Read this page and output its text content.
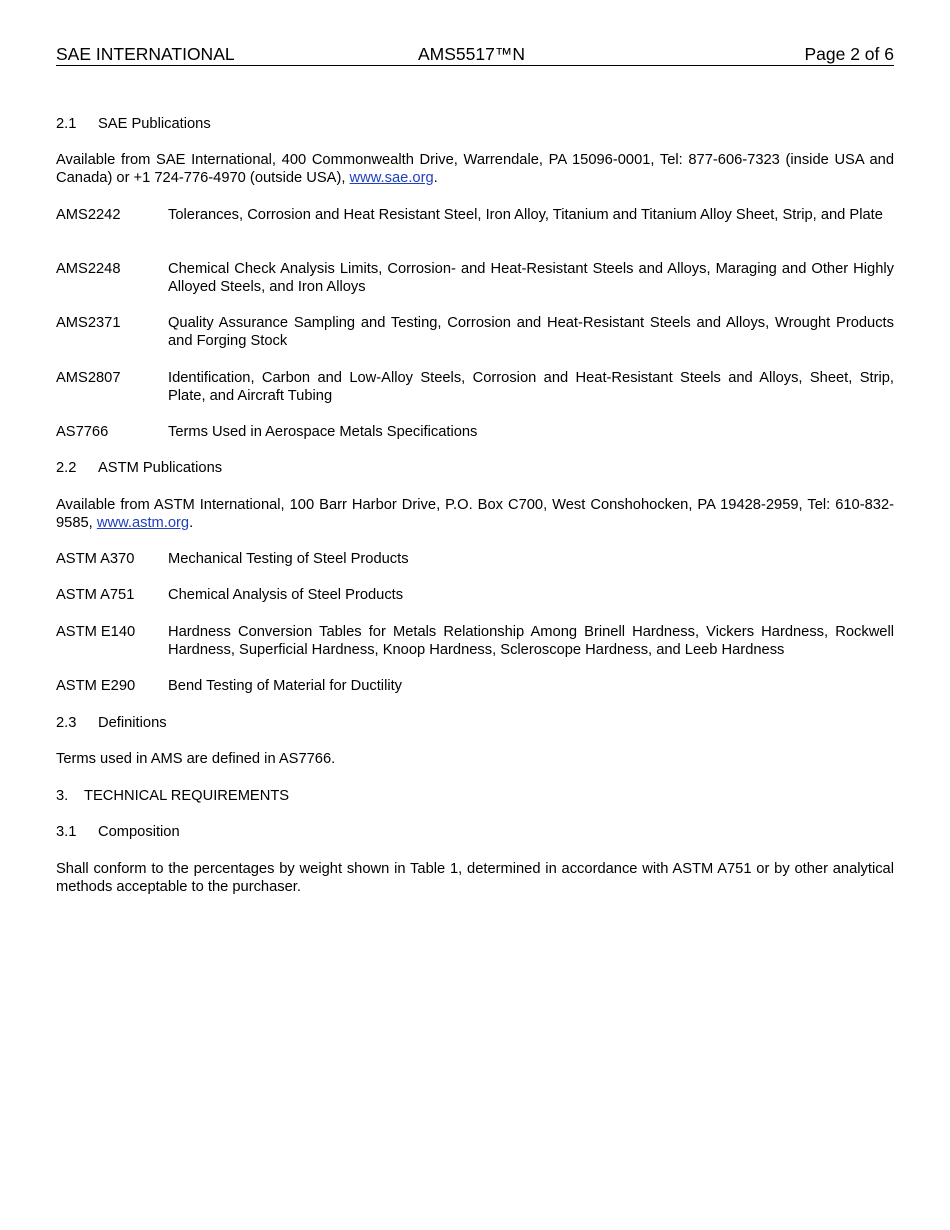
SAE INTERNATIONAL	AMS5517™N	Page 2 of 6
2.1 SAE Publications
Available from SAE International, 400 Commonwealth Drive, Warrendale, PA 15096-0001, Tel: 877-606-7323 (inside USA and Canada) or +1 724-776-4970 (outside USA), www.sae.org.
AMS2242	Tolerances, Corrosion and Heat Resistant Steel, Iron Alloy, Titanium and Titanium Alloy Sheet, Strip, and Plate
AMS2248	Chemical Check Analysis Limits, Corrosion- and Heat-Resistant Steels and Alloys, Maraging and Other Highly Alloyed Steels, and Iron Alloys
AMS2371	Quality Assurance Sampling and Testing, Corrosion and Heat-Resistant Steels and Alloys, Wrought Products and Forging Stock
AMS2807	Identification, Carbon and Low-Alloy Steels, Corrosion and Heat-Resistant Steels and Alloys, Sheet, Strip, Plate, and Aircraft Tubing
AS7766	Terms Used in Aerospace Metals Specifications
2.2 ASTM Publications
Available from ASTM International, 100 Barr Harbor Drive, P.O. Box C700, West Conshohocken, PA 19428-2959, Tel: 610-832-9585, www.astm.org.
ASTM A370 Mechanical Testing of Steel Products
ASTM A751 Chemical Analysis of Steel Products
ASTM E140 Hardness Conversion Tables for Metals Relationship Among Brinell Hardness, Vickers Hardness, Rockwell Hardness, Superficial Hardness, Knoop Hardness, Scleroscope Hardness, and Leeb Hardness
ASTM E290 Bend Testing of Material for Ductility
2.3 Definitions
Terms used in AMS are defined in AS7766.
3. TECHNICAL REQUIREMENTS
3.1 Composition
Shall conform to the percentages by weight shown in Table 1, determined in accordance with ASTM A751 or by other analytical methods acceptable to the purchaser.
